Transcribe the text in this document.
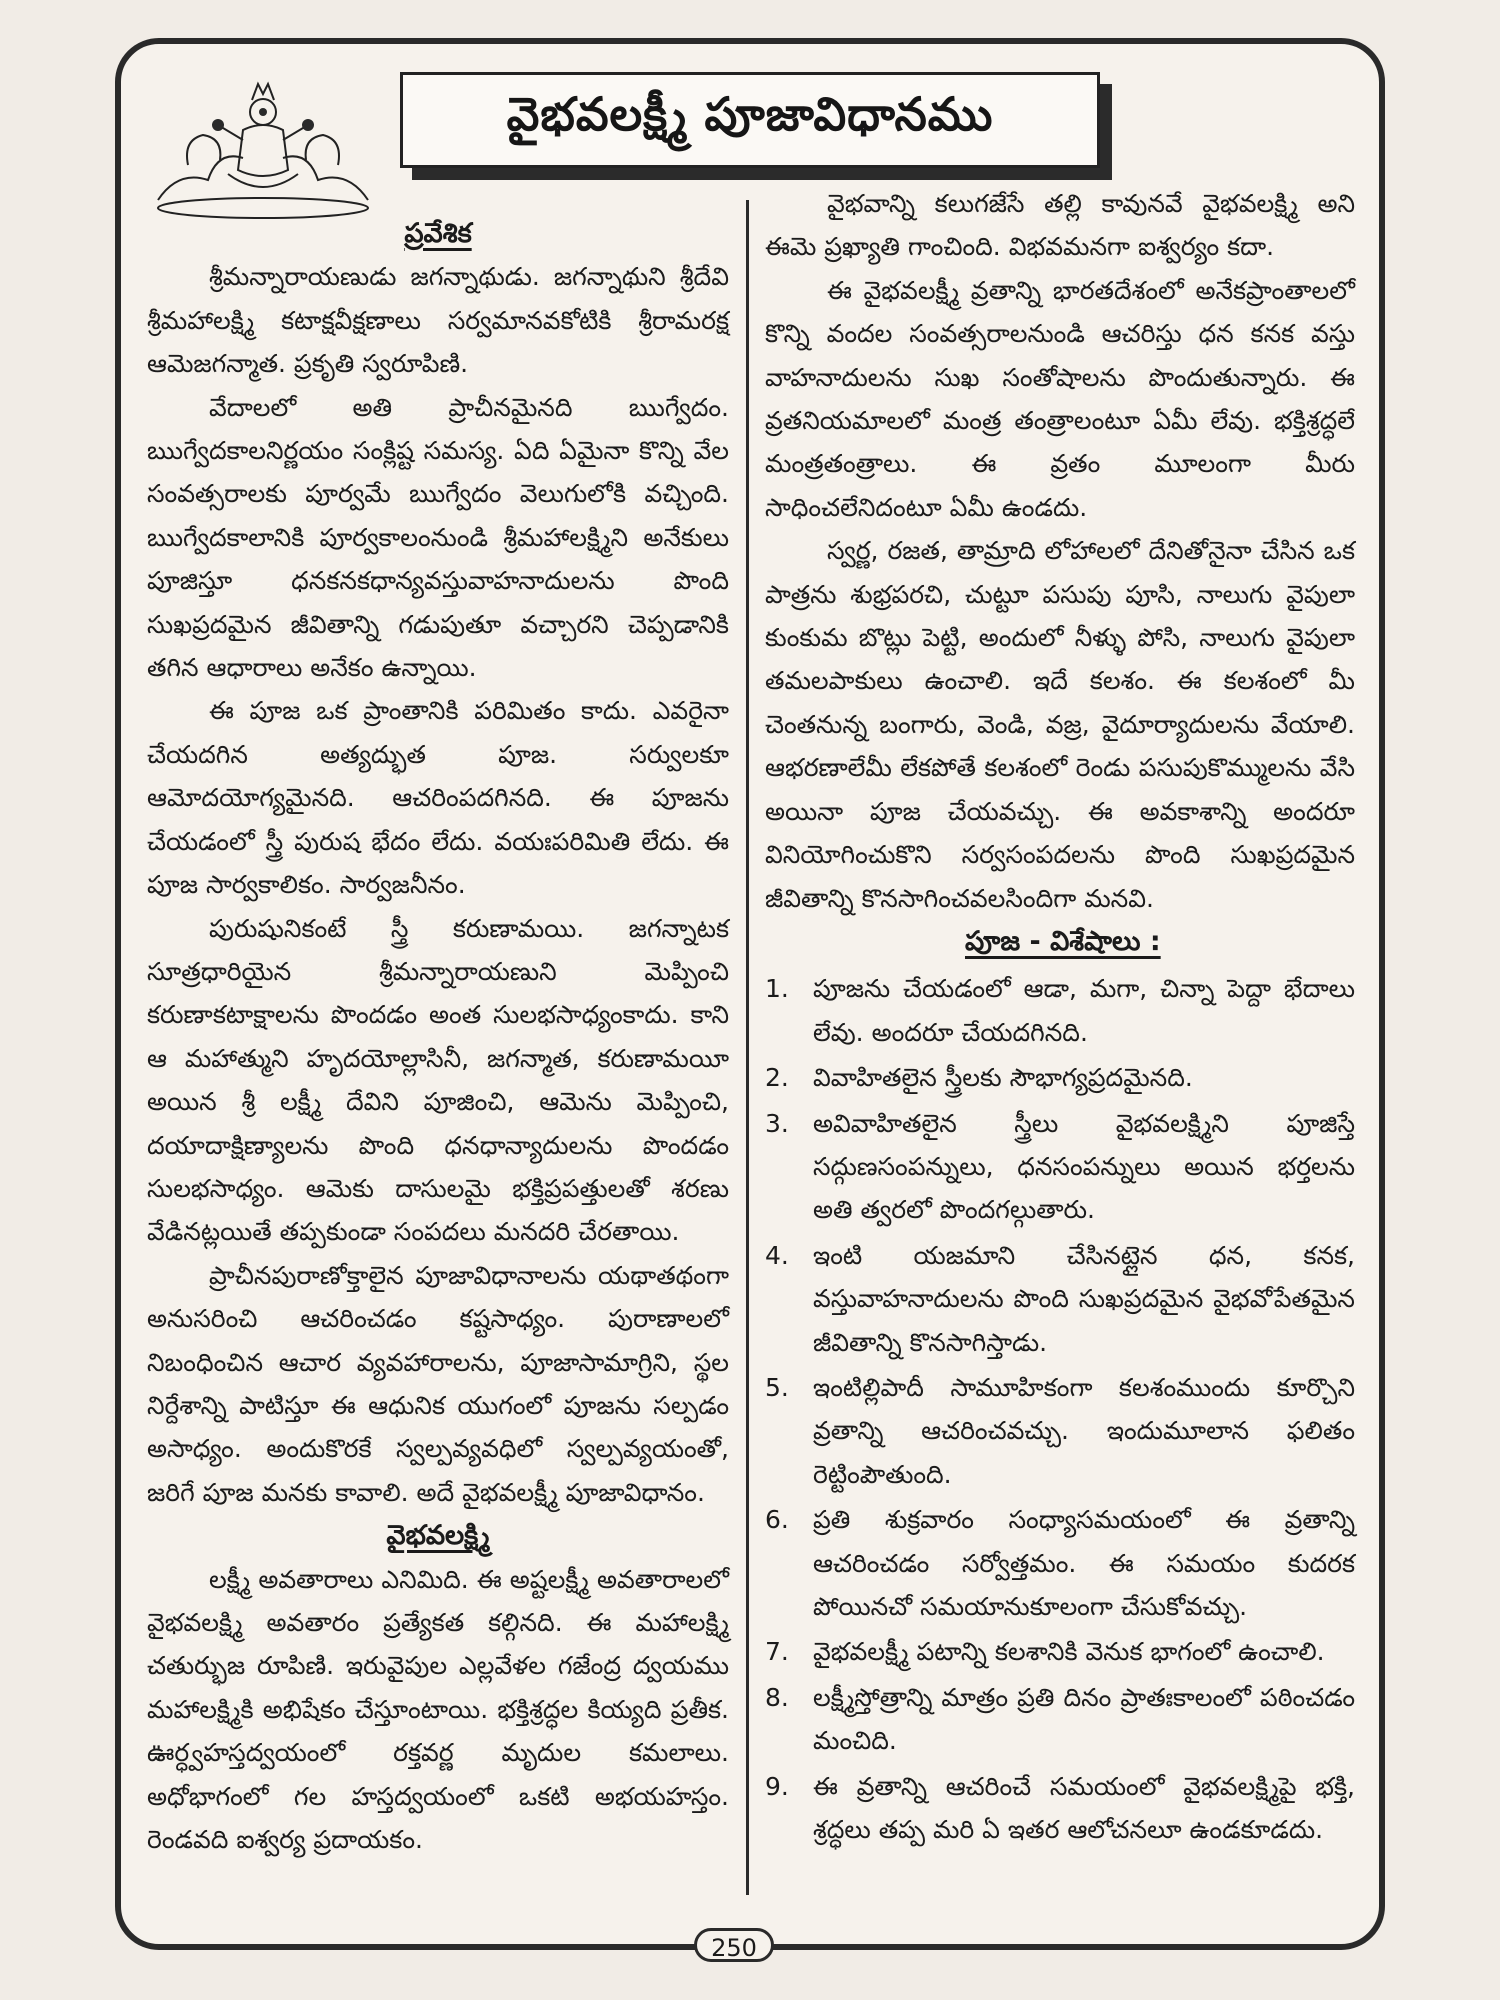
వైభవలక్ష్మీ పూజావిధానము

ప్రవేశిక

శ్రీమన్నారాయణుడు జగన్నాథుడు. జగన్నాథుని శ్రీదేవి శ్రీమహాలక్ష్మి కటాక్షవీక్షణాలు సర్వమానవకోటికి శ్రీరామరక్ష ఆమెజగన్మాత. ప్రకృతి స్వరూపిణి.

వేదాలలో అతి ప్రాచీనమైనది ఋగ్వేదం. ఋగ్వేదకాలనిర్ణయం సంక్లిష్ట సమస్య. ఏది ఏమైనా కొన్ని వేల సంవత్సరాలకు పూర్వమే ఋగ్వేదం వెలుగులోకి వచ్చింది. ఋగ్వేదకాలానికి పూర్వకాలంనుండి శ్రీమహాలక్ష్మిని అనేకులు పూజిస్తూ ధనకనకధాన్యవస్తువాహనాదులను పొంది సుఖప్రదమైన జీవితాన్ని గడుపుతూ వచ్చారని చెప్పడానికి తగిన ఆధారాలు అనేకం ఉన్నాయి.

ఈ పూజ ఒక ప్రాంతానికి పరిమితం కాదు. ఎవరైనా చేయదగిన అత్యద్భుత పూజ. సర్వులకూ ఆమోదయోగ్యమైనది. ఆచరింపదగినది. ఈ పూజను చేయడంలో స్త్రీ పురుష భేదం లేదు. వయఃపరిమితి లేదు. ఈ పూజ సార్వకాలికం. సార్వజనీనం.

పురుషునికంటే స్త్రీ కరుణామయి. జగన్నాటక సూత్రధారియైన శ్రీమన్నారాయణుని మెప్పించి కరుణాకటాక్షాలను పొందడం అంత సులభసాధ్యంకాదు. కాని ఆ మహాత్ముని హృదయోల్లాసినీ, జగన్మాత, కరుణామయీ అయిన శ్రీ లక్ష్మీ దేవిని పూజించి, ఆమెను మెప్పించి, దయాదాక్షిణ్యాలను పొంది ధనధాన్యాదులను పొందడం సులభసాధ్యం. ఆమెకు దాసులమై భక్తిప్రపత్తులతో శరణు వేడినట్లయితే తప్పకుండా సంపదలు మనదరి చేరతాయి.

ప్రాచీనపురాణోక్తాలైన పూజావిధానాలను యథాతథంగా అనుసరించి ఆచరించడం కష్టసాధ్యం. పురాణాలలో నిబంధించిన ఆచార వ్యవహారాలను, పూజాసామాగ్రిని, స్థల నిర్దేశాన్ని పాటిస్తూ ఈ ఆధునిక యుగంలో పూజను సల్పడం అసాధ్యం. అందుకొరకే స్వల్పవ్యవధిలో స్వల్పవ్యయంతో, జరిగే పూజ మనకు కావాలి. అదే వైభవలక్ష్మీ పూజావిధానం.

వైభవలక్ష్మి

లక్ష్మీ అవతారాలు ఎనిమిది. ఈ అష్టలక్ష్మీ అవతారాలలో వైభవలక్ష్మి అవతారం ప్రత్యేకత కల్గినది. ఈ మహాలక్ష్మి చతుర్భుజ రూపిణి. ఇరువైపుల ఎల్లవేళల గజేంద్ర ద్వయము మహాలక్ష్మికి అభిషేకం చేస్తూంటాయి. భక్తిశ్రద్ధల కియ్యది ప్రతీక. ఊర్ధ్వహస్తద్వయంలో రక్తవర్ణ మృదుల కమలాలు. అధోభాగంలో గల హస్తద్వయంలో ఒకటి అభయహస్తం. రెండవది ఐశ్వర్య ప్రదాయకం.

వైభవాన్ని కలుగజేసే తల్లి కావునవే వైభవలక్ష్మి అని ఈమె ప్రఖ్యాతి గాంచింది. విభవమనగా ఐశ్వర్యం కదా.

ఈ వైభవలక్ష్మీ వ్రతాన్ని భారతదేశంలో అనేకప్రాంతాలలో కొన్ని వందల సంవత్సరాలనుండి ఆచరిస్తు ధన కనక వస్తు వాహనాదులను సుఖ సంతోషాలను పొందుతున్నారు. ఈ వ్రతనియమాలలో మంత్ర తంత్రాలంటూ ఏమీ లేవు. భక్తిశ్రద్ధలే మంత్రతంత్రాలు. ఈ వ్రతం మూలంగా మీరు సాధించలేనిదంటూ ఏమీ ఉండదు.

స్వర్ణ, రజత, తామ్రాది లోహాలలో దేనితోనైనా చేసిన ఒక పాత్రను శుభ్రపరచి, చుట్టూ పసుపు పూసి, నాలుగు వైపులా కుంకుమ బొట్లు పెట్టి, అందులో నీళ్ళు పోసి, నాలుగు వైపులా తమలపాకులు ఉంచాలి. ఇదే కలశం. ఈ కలశంలో మీ చెంతనున్న బంగారు, వెండి, వజ్ర, వైదూర్యాదులను వేయాలి. ఆభరణాలేమీ లేకపోతే కలశంలో రెండు పసుపుకొమ్ములను వేసి అయినా పూజ చేయవచ్చు. ఈ అవకాశాన్ని అందరూ వినియోగించుకొని సర్వసంపదలను పొంది సుఖప్రదమైన జీవితాన్ని కొనసాగించవలసిందిగా మనవి.

పూజ - విశేషాలు :

1. పూజను చేయడంలో ఆడా, మగా, చిన్నా పెద్దా భేదాలు లేవు. అందరూ చేయదగినది.
2. వివాహితలైన స్త్రీలకు సౌభాగ్యప్రదమైనది.
3. అవివాహితలైన స్త్రీలు వైభవలక్ష్మిని పూజిస్తే సద్గుణసంపన్నులు, ధనసంపన్నులు అయిన భర్తలను అతి త్వరలో పొందగల్గుతారు.
4. ఇంటి యజమాని చేసినట్లైన ధన, కనక, వస్తువాహనాదులను పొంది సుఖప్రదమైన వైభవోపేతమైన జీవితాన్ని కొనసాగిస్తాడు.
5. ఇంటిల్లిపాదీ సామూహికంగా కలశంముందు కూర్చొని వ్రతాన్ని ఆచరించవచ్చు. ఇందుమూలాన ఫలితం రెట్టింపౌతుంది.
6. ప్రతి శుక్రవారం సంధ్యాసమయంలో ఈ వ్రతాన్ని ఆచరించడం సర్వోత్తమం. ఈ సమయం కుదరక పోయినచో సమయానుకూలంగా చేసుకోవచ్చు.
7. వైభవలక్ష్మీ పటాన్ని కలశానికి వెనుక భాగంలో ఉంచాలి.
8. లక్ష్మీస్తోత్రాన్ని మాత్రం ప్రతి దినం ప్రాతఃకాలంలో పఠించడం మంచిది.
9. ఈ వ్రతాన్ని ఆచరించే సమయంలో వైభవలక్ష్మిపై భక్తి, శ్రద్ధలు తప్ప మరి ఏ ఇతర ఆలోచనలూ ఉండకూడదు.
250
